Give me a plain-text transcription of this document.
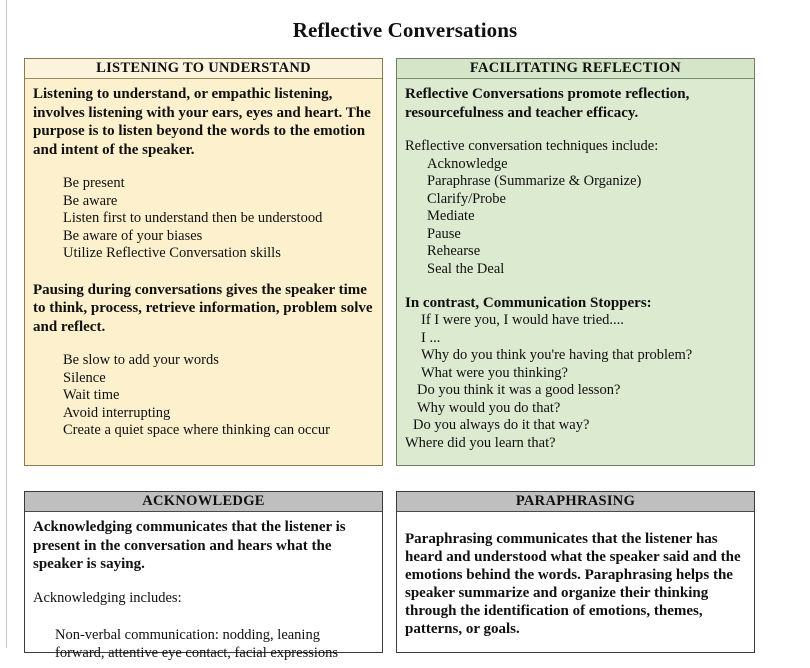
Reflective Conversations
LISTENING TO UNDERSTAND

Listening to understand, or empathic listening, involves listening with your ears, eyes and heart. The purpose is to listen beyond the words to the emotion and intent of the speaker.

Be present
Be aware
Listen first to understand then be understood
Be aware of your biases
Utilize Reflective Conversation skills

Pausing during conversations gives the speaker time to think, process, retrieve information, problem solve and reflect.

Be slow to add your words
Silence
Wait time
Avoid interrupting
Create a quiet space where thinking can occur
FACILITATING REFLECTION

Reflective Conversations promote reflection, resourcefulness and teacher efficacy.

Reflective conversation techniques include:

Acknowledge
Paraphrase (Summarize & Organize)
Clarify/Probe
Mediate
Pause
Rehearse
Seal the Deal

In contrast, Communication Stoppers:

If I were you, I would have tried....
I ...
Why do you think you're having that problem?
What were you thinking?
Do you think it was a good lesson?
Why would you do that?
Do you always do it that way?
Where did you learn that?
ACKNOWLEDGE

Acknowledging communicates that the listener is present in the conversation and hears what the speaker is saying.

Acknowledging includes:

Non-verbal communication: nodding, leaning
forward, attentive eye contact, facial expressions
PARAPHRASING

Paraphrasing communicates that the listener has heard and understood what the speaker said and the emotions behind the words. Paraphrasing helps the speaker summarize and organize their thinking through the identification of emotions, themes, patterns, or goals.
